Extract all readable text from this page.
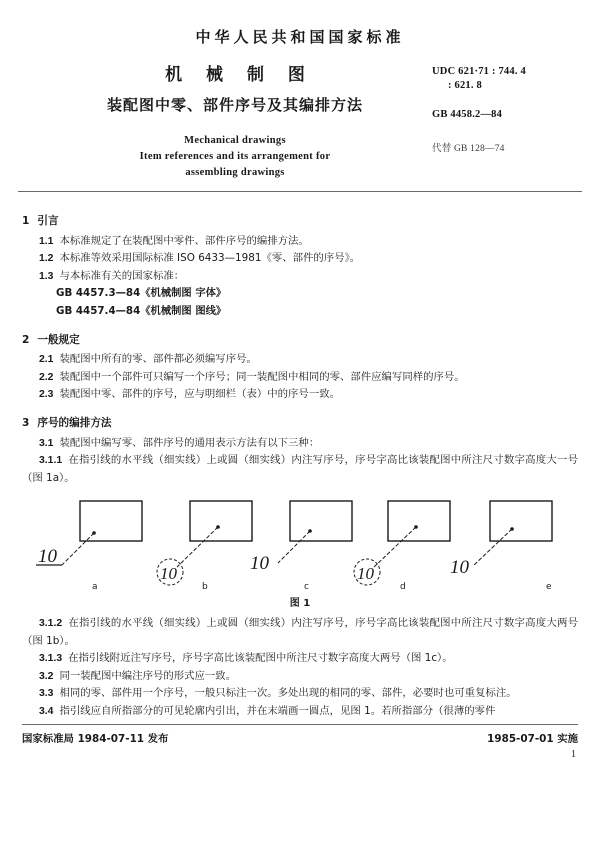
中华人民共和国国家标准
机 械 制 图
装配图中零、部件序号及其编排方法
Mechanical drawings
Item references and its arrangement for
assembling drawings
UDC 621·71 : 744. 4
: 621. 8
GB 4458.2—84
代替 GB 128—74
1 引言
1.1 本标准规定了在装配图中零件、部件序号的编排方法。
1.2 本标准等效采用国际标准 ISO 6433—1981《零、部件的序号》。
1.3 与本标准有关的国家标准：
GB 4457.3—84《机械制图 字体》
GB 4457.4—84《机械制图 图线》
2 一般规定
2.1 装配图中所有的零、部件都必须编写序号。
2.2 装配图中一个部件可只编写一个序号；同一装配图中相同的零、部件应编写同样的序号。
2.3 装配图中零、部件的序号，应与明细栏（表）中的序号一致。
3 序号的编排方法
3.1 装配图中编写零、部件序号的通用表示方法有以下三种：
3.1.1 在指引线的水平线（细实线）上或圆（细实线）内注写序号，序号字高比该装配图中所注尺寸数字高度大一号（图 1a）。
10
a
10
b
10
c
10
d
10
e
图 1
3.1.2 在指引线的水平线（细实线）上或圆（细实线）内注写序号，序号字高比该装配图中所注尺寸数字高度大两号（图 1b）。
3.1.3 在指引线附近注写序号，序号字高比该装配图中所注尺寸数字高度大两号（图 1c）。
3.2 同一装配图中编注序号的形式应一致。
3.3 相同的零、部件用一个序号，一般只标注一次。多处出现的相同的零、部件，必要时也可重复标注。
3.4 指引线应自所指部分的可见轮廓内引出，并在末端画一圆点，见图 1。若所指部分（很薄的零件
国家标准局 1984-07-11 发布	1985-07-01 实施
1
